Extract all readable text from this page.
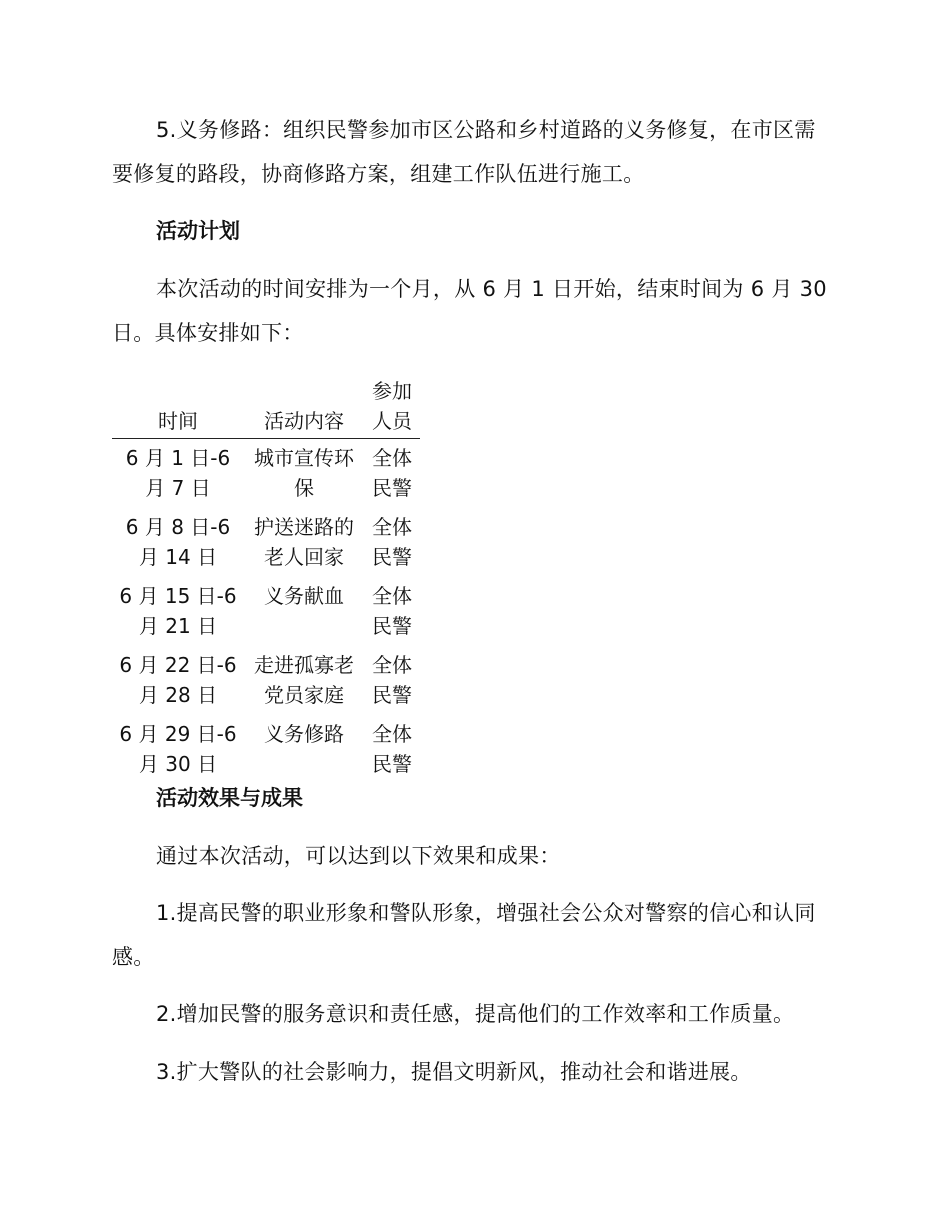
5.义务修路：组织民警参加市区公路和乡村道路的义务修复，在市区需要修复的路段，协商修路方案，组建工作队伍进行施工。

活动计划

本次活动的时间安排为一个月，从 6 月 1 日开始，结束时间为 6 月 30 日。具体安排如下：

时间	活动内容	参加人员
6 月 1 日-6 月 7 日	城市宣传环保	全体民警
6 月 8 日-6 月 14 日	护送迷路的老人回家	全体民警
6 月 15 日-6 月 21 日	义务献血	全体民警
6 月 22 日-6 月 28 日	走进孤寡老党员家庭	全体民警
6 月 29 日-6 月 30 日	义务修路	全体民警
活动效果与成果

通过本次活动，可以达到以下效果和成果：

1.提高民警的职业形象和警队形象，增强社会公众对警察的信心和认同感。

2.增加民警的服务意识和责任感，提高他们的工作效率和工作质量。

3.扩大警队的社会影响力，提倡文明新风，推动社会和谐进展。
